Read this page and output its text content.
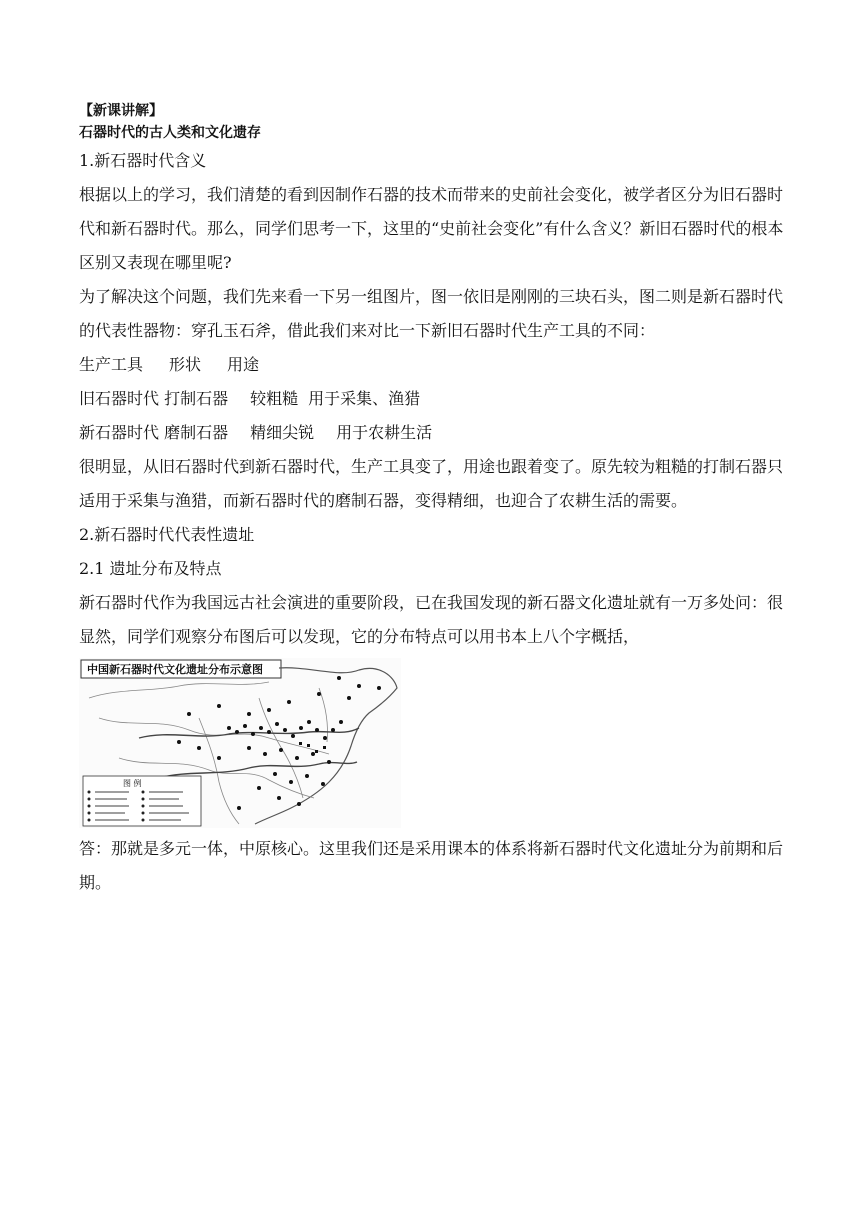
【新课讲解】
石器时代的古人类和文化遗存

1.新石器时代含义

根据以上的学习，我们清楚的看到因制作石器的技术而带来的史前社会变化，被学者区分为旧石器时代和新石器时代。那么，同学们思考一下，这里的“史前社会变化”有什么含义？新旧石器时代的根本区别又表现在哪里呢?

为了解决这个问题，我们先来看一下另一组图片，图一依旧是刚刚的三块石头，图二则是新石器时代的代表性器物：穿孔玉石斧，借此我们来对比一下新旧石器时代生产工具的不同：

生产工具 形状 用途
旧石器时代 打制石器 较粗糙 用于采集、渔猎
新石器时代 磨制石器 精细尖锐 用于农耕生活

很明显，从旧石器时代到新石器时代，生产工具变了，用途也跟着变了。原先较为粗糙的打制石器只适用于采集与渔猎，而新石器时代的磨制石器，变得精细，也迎合了农耕生活的需要。

2.新石器时代代表性遗址

2.1 遗址分布及特点

新石器时代作为我国远古社会演进的重要阶段，已在我国发现的新石器文化遗址就有一万多处问：很显然，同学们观察分布图后可以发现，它的分布特点可以用书本上八个字概括，

中国新石器时代文化遗址分布示意图
图 例

答：那就是多元一体，中原核心。这里我们还是采用课本的体系将新石器时代文化遗址分为前期和后期。
